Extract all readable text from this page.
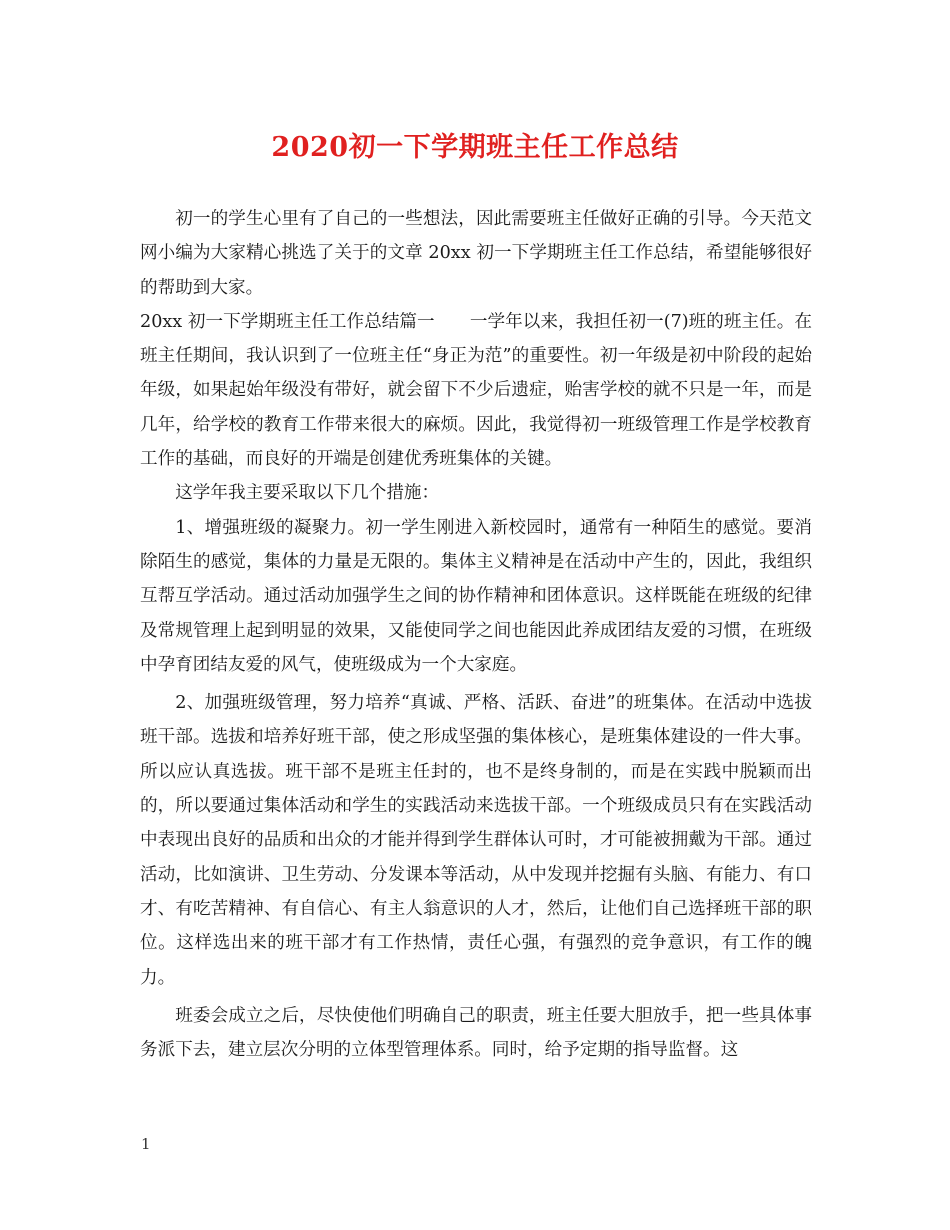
2020初一下学期班主任工作总结

初一的学生心里有了自己的一些想法，因此需要班主任做好正确的引导。今天范文网小编为大家精心挑选了关于的文章 20xx 初一下学期班主任工作总结，希望能够很好的帮助到大家。

20xx 初一下学期班主任工作总结篇一　　一学年以来，我担任初一(7)班的班主任。在班主任期间，我认识到了一位班主任“身正为范”的重要性。初一年级是初中阶段的起始年级，如果起始年级没有带好，就会留下不少后遗症，贻害学校的就不只是一年，而是几年，给学校的教育工作带来很大的麻烦。因此，我觉得初一班级管理工作是学校教育工作的基础，而良好的开端是创建优秀班集体的关键。

这学年我主要采取以下几个措施：

1、增强班级的凝聚力。初一学生刚进入新校园时，通常有一种陌生的感觉。要消除陌生的感觉，集体的力量是无限的。集体主义精神是在活动中产生的，因此，我组织互帮互学活动。通过活动加强学生之间的协作精神和团体意识。这样既能在班级的纪律及常规管理上起到明显的效果，又能使同学之间也能因此养成团结友爱的习惯，在班级中孕育团结友爱的风气，使班级成为一个大家庭。

2、加强班级管理，努力培养“真诚、严格、活跃、奋进”的班集体。在活动中选拔班干部。选拔和培养好班干部，使之形成坚强的集体核心，是班集体建设的一件大事。所以应认真选拔。班干部不是班主任封的，也不是终身制的，而是在实践中脱颖而出的，所以要通过集体活动和学生的实践活动来选拔干部。一个班级成员只有在实践活动中表现出良好的品质和出众的才能并得到学生群体认可时，才可能被拥戴为干部。通过活动，比如演讲、卫生劳动、分发课本等活动，从中发现并挖掘有头脑、有能力、有口才、有吃苦精神、有自信心、有主人翁意识的人才，然后，让他们自己选择班干部的职位。这样选出来的班干部才有工作热情，责任心强，有强烈的竞争意识，有工作的魄力。

班委会成立之后，尽快使他们明确自己的职责，班主任要大胆放手，把一些具体事务派下去，建立层次分明的立体型管理体系。同时，给予定期的指导监督。这

1
